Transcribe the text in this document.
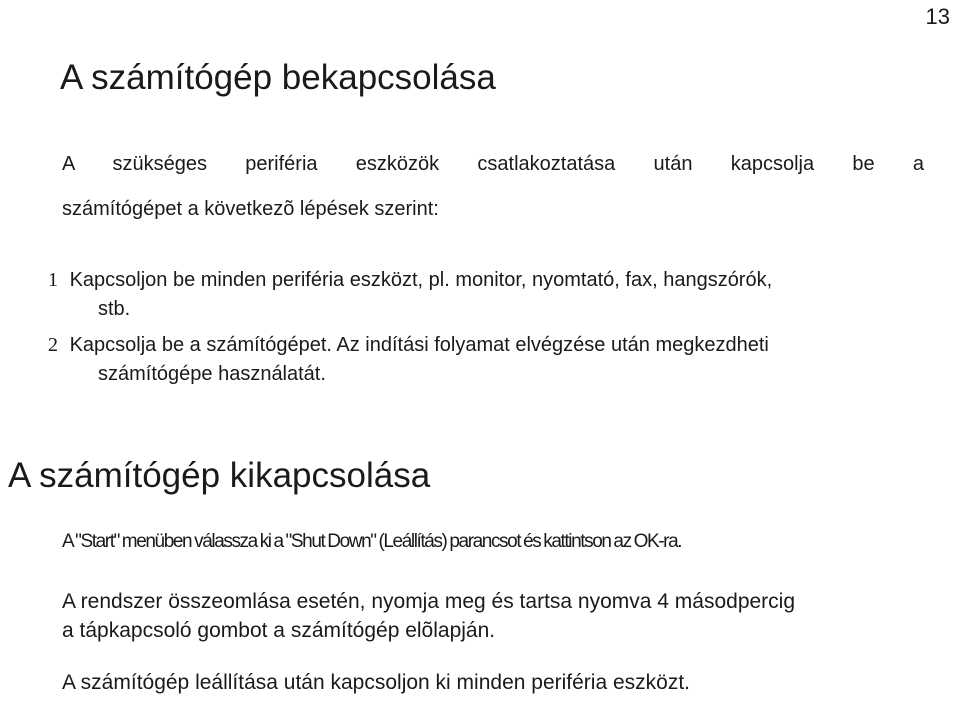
13
A számítógép bekapcsolása
A szükséges periféria eszközök csatlakoztatása után kapcsolja be a
számítógépet a következõ lépések szerint:
1 Kapcsoljon be minden periféria eszközt, pl. monitor, nyomtató, fax, hangszórók,
stb.
2 Kapcsolja be a számítógépet. Az indítási folyamat elvégzése után megkezdheti
számítógépe használatát.
A számítógép kikapcsolása
A "Start" menüben válassza ki a "Shut Down" (Leállítás) parancsot és kattintson az OK-ra.
A rendszer összeomlása esetén, nyomja meg és tartsa nyomva 4 másodpercig
a tápkapcsoló gombot a számítógép elõlapján.
A számítógép leállítása után kapcsoljon ki minden periféria eszközt.
